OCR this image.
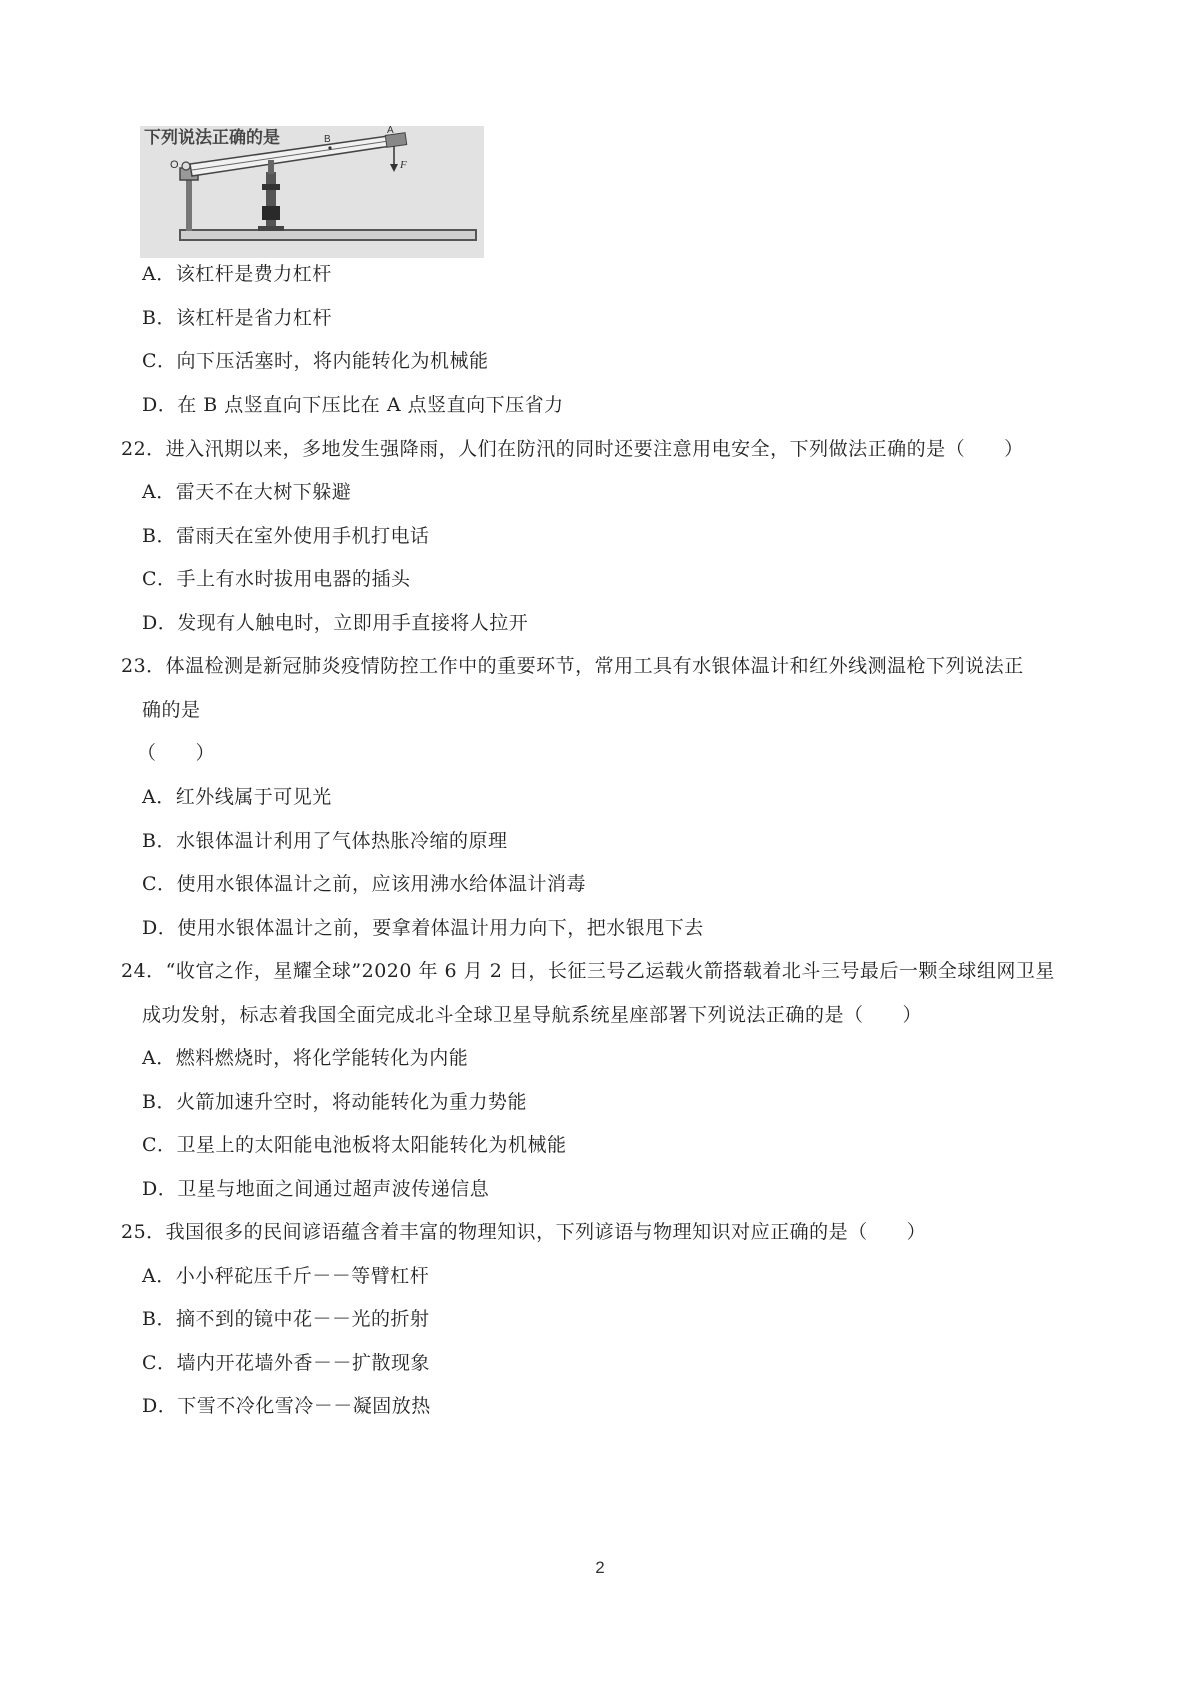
下列说法正确的是
O
A
B
F
A．该杠杆是费力杠杆
B．该杠杆是省力杠杆
C．向下压活塞时，将内能转化为机械能
D．在 B 点竖直向下压比在 A 点竖直向下压省力
22．进入汛期以来，多地发生强降雨，人们在防汛的同时还要注意用电安全，下列做法正确的是（　　）
A．雷天不在大树下躲避
B．雷雨天在室外使用手机打电话
C．手上有水时拔用电器的插头
D．发现有人触电时，立即用手直接将人拉开
23．体温检测是新冠肺炎疫情防控工作中的重要环节，常用工具有水银体温计和红外线测温枪下列说法正
确的是
（　　）
A．红外线属于可见光
B．水银体温计利用了气体热胀冷缩的原理
C．使用水银体温计之前，应该用沸水给体温计消毒
D．使用水银体温计之前，要拿着体温计用力向下，把水银甩下去
24．“收官之作，星耀全球”2020 年 6 月 2 日，长征三号乙运载火箭搭载着北斗三号最后一颗全球组网卫星
成功发射，标志着我国全面完成北斗全球卫星导航系统星座部署下列说法正确的是（　　）
A．燃料燃烧时，将化学能转化为内能
B．火箭加速升空时，将动能转化为重力势能
C．卫星上的太阳能电池板将太阳能转化为机械能
D．卫星与地面之间通过超声波传递信息
25．我国很多的民间谚语蕴含着丰富的物理知识，下列谚语与物理知识对应正确的是（　　）
A．小小秤砣压千斤－－等臂杠杆
B．摘不到的镜中花－－光的折射
C．墙内开花墙外香－－扩散现象
D．下雪不冷化雪冷－－凝固放热
2
